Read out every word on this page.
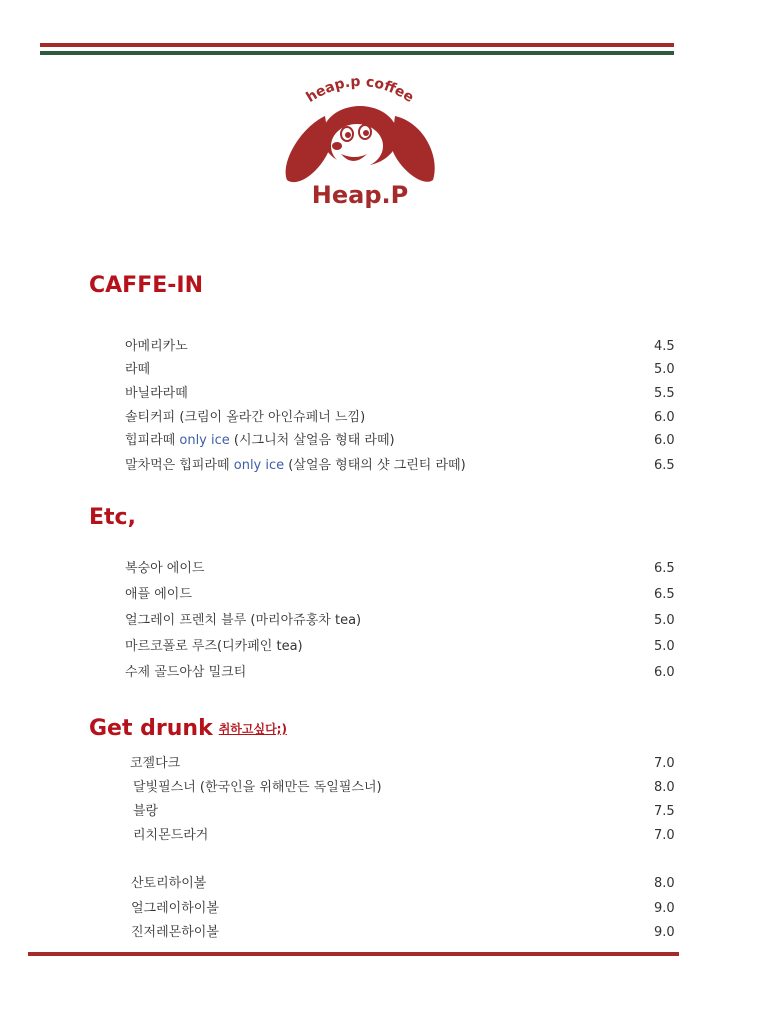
heap.p coffee
Heap.P
CAFFE-IN
아메리카노	4.5
라떼	5.0
바닐라라떼	5.5
솔티커피 (크림이 올라간 아인슈페너 느낌)	6.0
힙피라떼 only ice (시그니처 살얼음 형태 라떼)	6.0
말차먹은 힙피라떼 only ice (살얼음 형태의 샷 그린티 라떼)	6.5
Etc,
복숭아 에이드	6.5
애플 에이드	6.5
얼그레이 프렌치 블루 (마리아쥬홍차 tea)	5.0
마르코폴로 루즈(디카페인 tea)	5.0
수제 골드아삼 밀크티	6.0
Get drunk 취하고싶다;)
코젤다크	7.0
달빛필스너 (한국인을 위해만든 독일필스너)	8.0
블랑	7.5
리치몬드라거	7.0
산토리하이볼	8.0
얼그레이하이볼	9.0
진저레몬하이볼	9.0
